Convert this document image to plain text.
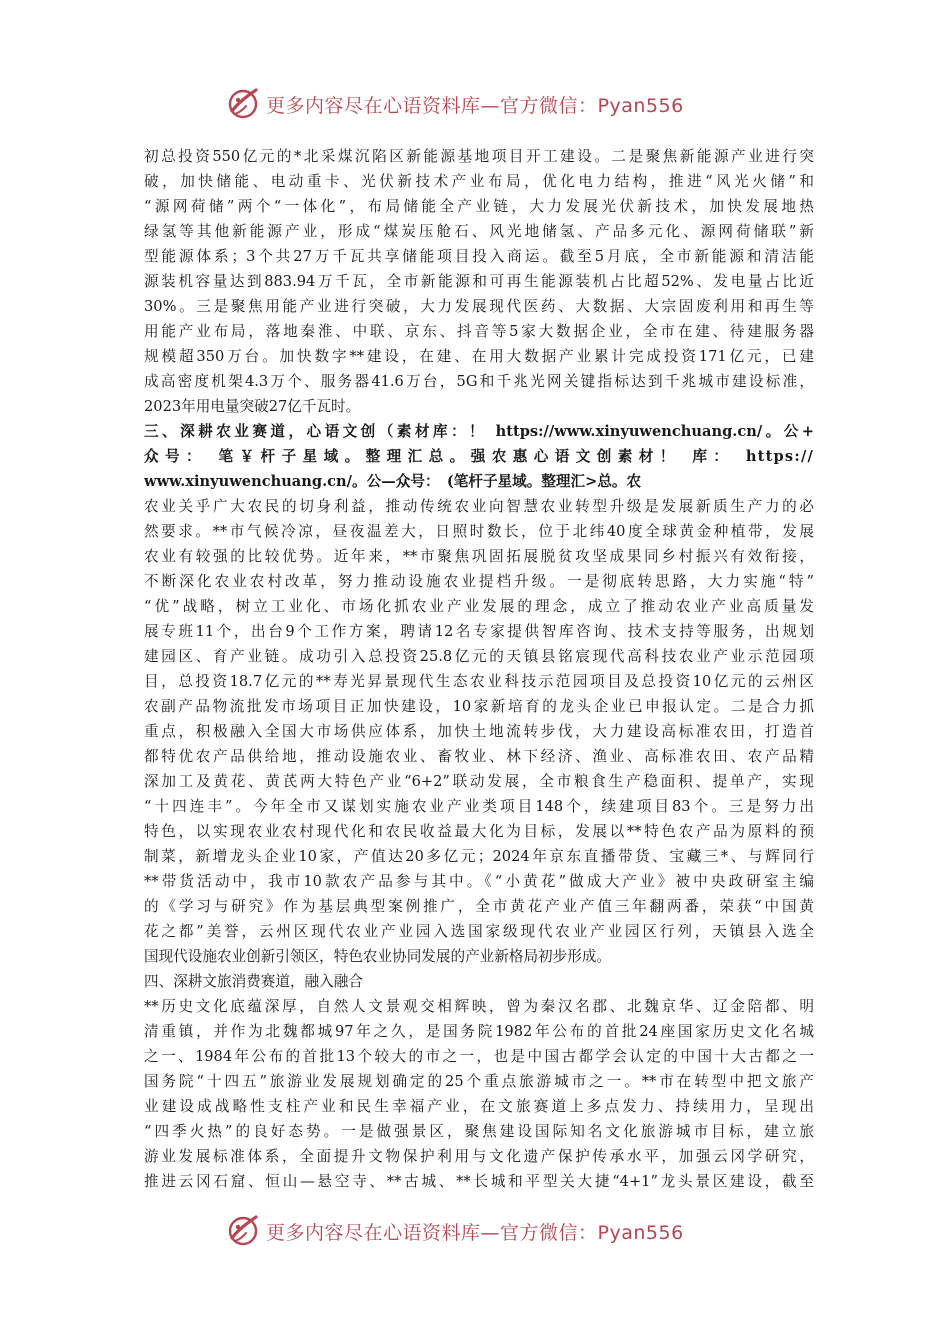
更多内容尽在心语资料库—官方微信：Pyan556
初总投资550亿元的*北采煤沉陷区新能源基地项目开工建设。二是聚焦新能源产业进行突
破，加快储能、电动重卡、光伏新技术产业布局，优化电力结构，推进“风光火储”和
“源网荷储”两个“一体化”，布局储能全产业链，大力发展光伏新技术，加快发展地热
绿氢等其他新能源产业，形成“煤炭压舱石、风光地储氢、产品多元化、源网荷储联”新
型能源体系；3个共27万千瓦共享储能项目投入商运。截至5月底，全市新能源和清洁能
源装机容量达到883.94万千瓦，全市新能源和可再生能源装机占比超52%、发电量占比近
30%。三是聚焦用能产业进行突破，大力发展现代医药、大数据、大宗固废利用和再生等
用能产业布局，落地秦淮、中联、京东、抖音等5家大数据企业，全市在建、待建服务器
规模超350万台。加快数字**建设，在建、在用大数据产业累计完成投资171亿元，已建
成高密度机架4.3万个、服务器41.6万台，5G和千兆光网关键指标达到千兆城市建设标准，
2023年用电量突破27亿千瓦时。
三、深耕农业赛道，心语文创（素材库：！ https://www.xinyuwenchuang.cn/。公+
众号： 笔￥杆子星域。整理汇总。强农惠心语文创素材！ 库： https://
www.xinyuwenchuang.cn/。公—众号：　(笔杆子星域。整理汇>总。农
农业关乎广大农民的切身利益，推动传统农业向智慧农业转型升级是发展新质生产力的必
然要求。**市气候冷凉，昼夜温差大，日照时数长，位于北纬40度全球黄金种植带，发展
农业有较强的比较优势。近年来，**市聚焦巩固拓展脱贫攻坚成果同乡村振兴有效衔接，
不断深化农业农村改革，努力推动设施农业提档升级。一是彻底转思路，大力实施“特”
“优”战略，树立工业化、市场化抓农业产业发展的理念，成立了推动农业产业高质量发
展专班11个，出台9个工作方案，聘请12名专家提供智库咨询、技术支持等服务，出规划
建园区、育产业链。成功引入总投资25.8亿元的天镇县铭宸现代高科技农业产业示范园项
目，总投资18.7亿元的**寿光昇景现代生态农业科技示范园项目及总投资10亿元的云州区
农副产品物流批发市场项目正加快建设，10家新培育的龙头企业已申报认定。二是合力抓
重点，积极融入全国大市场供应体系，加快土地流转步伐，大力建设高标准农田，打造首
都特优农产品供给地，推动设施农业、畜牧业、林下经济、渔业、高标准农田、农产品精
深加工及黄花、黄芪两大特色产业“6+2”联动发展，全市粮食生产稳面积、提单产，实现
“十四连丰”。今年全市又谋划实施农业产业类项目148个，续建项目83个。三是努力出
特色，以实现农业农村现代化和农民收益最大化为目标，发展以**特色农产品为原料的预
制菜，新增龙头企业10家，产值达20多亿元；2024年京东直播带货、宝藏三*、与辉同行
**带货活动中，我市10款农产品参与其中。《“小黄花”做成大产业》被中央政研室主编
的《学习与研究》作为基层典型案例推广，全市黄花产业产值三年翻两番，荣获“中国黄
花之都”美誉，云州区现代农业产业园入选国家级现代农业产业园区行列，天镇县入选全
国现代设施农业创新引领区，特色农业协同发展的产业新格局初步形成。
四、深耕文旅消费赛道，融入融合
**历史文化底蕴深厚，自然人文景观交相辉映，曾为秦汉名郡、北魏京华、辽金陪都、明
清重镇，并作为北魏都城97年之久，是国务院1982年公布的首批24座国家历史文化名城
之一、1984年公布的首批13个较大的市之一，也是中国古都学会认定的中国十大古都之一
国务院“十四五”旅游业发展规划确定的25个重点旅游城市之一。**市在转型中把文旅产
业建设成战略性支柱产业和民生幸福产业，在文旅赛道上多点发力、持续用力，呈现出
“四季火热”的良好态势。一是做强景区，聚焦建设国际知名文化旅游城市目标，建立旅
游业发展标准体系，全面提升文物保护利用与文化遗产保护传承水平，加强云冈学研究，
推进云冈石窟、恒山—悬空寺、**古城、**长城和平型关大捷“4+1”龙头景区建设，截至
更多内容尽在心语资料库—官方微信：Pyan556
